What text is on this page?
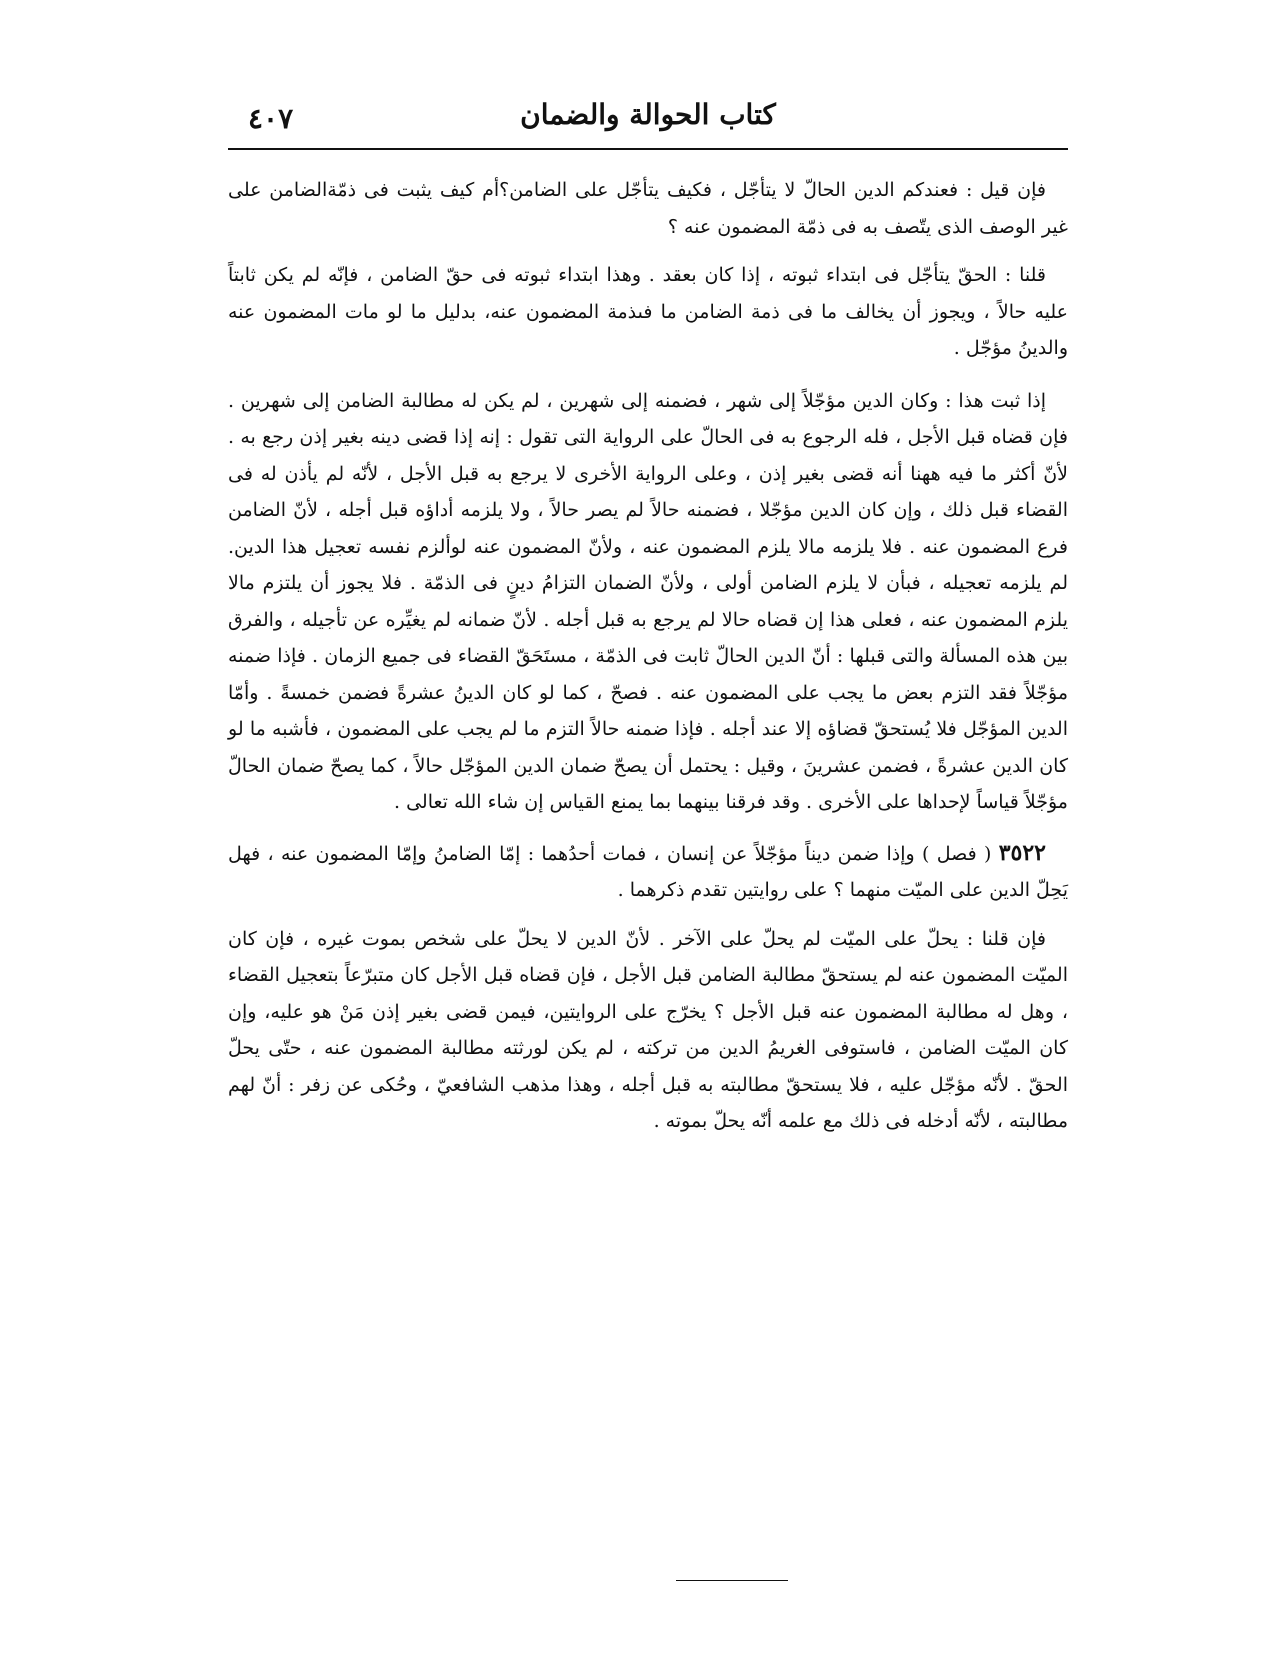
٤٠٧	كتاب الحوالة والضمان

فإن قيل : فعندكم الدين الحالّ لا يتأجّل ، فكيف يتأجّل على الضامن؟أم كيف يثبت فى ذمّةالضامن على غير الوصف الذى يتّصف به فى ذمّة المضمون عنه ؟

قلنا : الحقّ يتأجّل فى ابتداء ثبوته ، إذا كان بعقد . وهذا ابتداء ثبوته فى حقّ الضامن ، فإنّه لم يكن ثابتاً عليه حالاً ، ويجوز أن يخالف ما فى ذمة الضامن ما فىذمة المضمون عنه، بدليل ما لو مات المضمون عنه والدينُ مؤجّل .

إذا ثبت هذا : وكان الدين مؤجّلاً إلى شهر ، فضمنه إلى شهرين ، لم يكن له مطالبة الضامن إلى شهرين . فإن قضاه قبل الأجل ، فله الرجوع به فى الحالّ على الرواية التى تقول : إنه إذا قضى دينه بغير إذن رجع به . لأنّ أكثر ما فيه ههنا أنه قضى بغير إذن ، وعلى الرواية الأخرى لا يرجع به قبل الأجل ، لأنّه لم يأذن له فى القضاء قبل ذلك ، وإن كان الدين مؤجّلا ، فضمنه حالاً لم يصر حالاً ، ولا يلزمه أداؤه قبل أجله ، لأنّ الضامن فرع المضمون عنه . فلا يلزمه مالا يلزم المضمون عنه ، ولأنّ المضمون عنه لوألزم نفسه تعجيل هذا الدين. لم يلزمه تعجيله ، فبأن لا يلزم الضامن أولى ، ولأنّ الضمان التزامُ دينٍ فى الذمّة . فلا يجوز أن يلتزم مالا يلزم المضمون عنه ، فعلى هذا إن قضاه حالا لم يرجع به قبل أجله . لأنّ ضمانه لم يغيِّره عن تأجيله ، والفرق بين هذه المسألة والتى قبلها : أنّ الدين الحالّ ثابت فى الذمّة ، مستَحَقّ القضاء فى جميع الزمان . فإذا ضمنه مؤجّلاً فقد التزم بعض ما يجب على المضمون عنه . فصحّ ، كما لو كان الدينُ عشرةً فضمن خمسةً . وأمّا الدين المؤجّل فلا يُستحقّ قضاؤه إلا عند أجله . فإذا ضمنه حالاً التزم ما لم يجب على المضمون ، فأشبه ما لو كان الدين عشرةً ، فضمن عشرينَ ، وقيل : يحتمل أن يصحّ ضمان الدين المؤجّل حالاً ، كما يصحّ ضمان الحالّ مؤجّلاً قياساً لإحداها على الأخرى . وقد فرقنا بينهما بما يمنع القياس إن شاء الله تعالى .

٣٥٢٢ ( فصل ) وإذا ضمن ديناً مؤجّلاً عن إنسان ، فمات أحدُهما : إمّا الضامنُ وإمّا المضمون عنه ، فهل يَحِلّ الدين على الميّت منهما ؟ على روايتين تقدم ذكرهما .

فإن قلنا : يحلّ على الميّت لم يحلّ على الآخر . لأنّ الدين لا يحلّ على شخص بموت غيره ، فإن كان الميّت المضمون عنه لم يستحقّ مطالبة الضامن قبل الأجل ، فإن قضاه قبل الأجل كان متبرّعاً بتعجيل القضاء ، وهل له مطالبة المضمون عنه قبل الأجل ؟ يخرّج على الروايتين، فيمن قضى بغير إذن مَنْ هو عليه، وإن كان الميّت الضامن ، فاستوفى الغريمُ الدين من تركته ، لم يكن لورثته مطالبة المضمون عنه ، حتّى يحلّ الحقّ . لأنّه مؤجّل عليه ، فلا يستحقّ مطالبته به قبل أجله ، وهذا مذهب الشافعيّ ، وحُكى عن زفر : أنّ لهم مطالبته ، لأنّه أدخله فى ذلك مع علمه أنّه يحلّ بموته .
